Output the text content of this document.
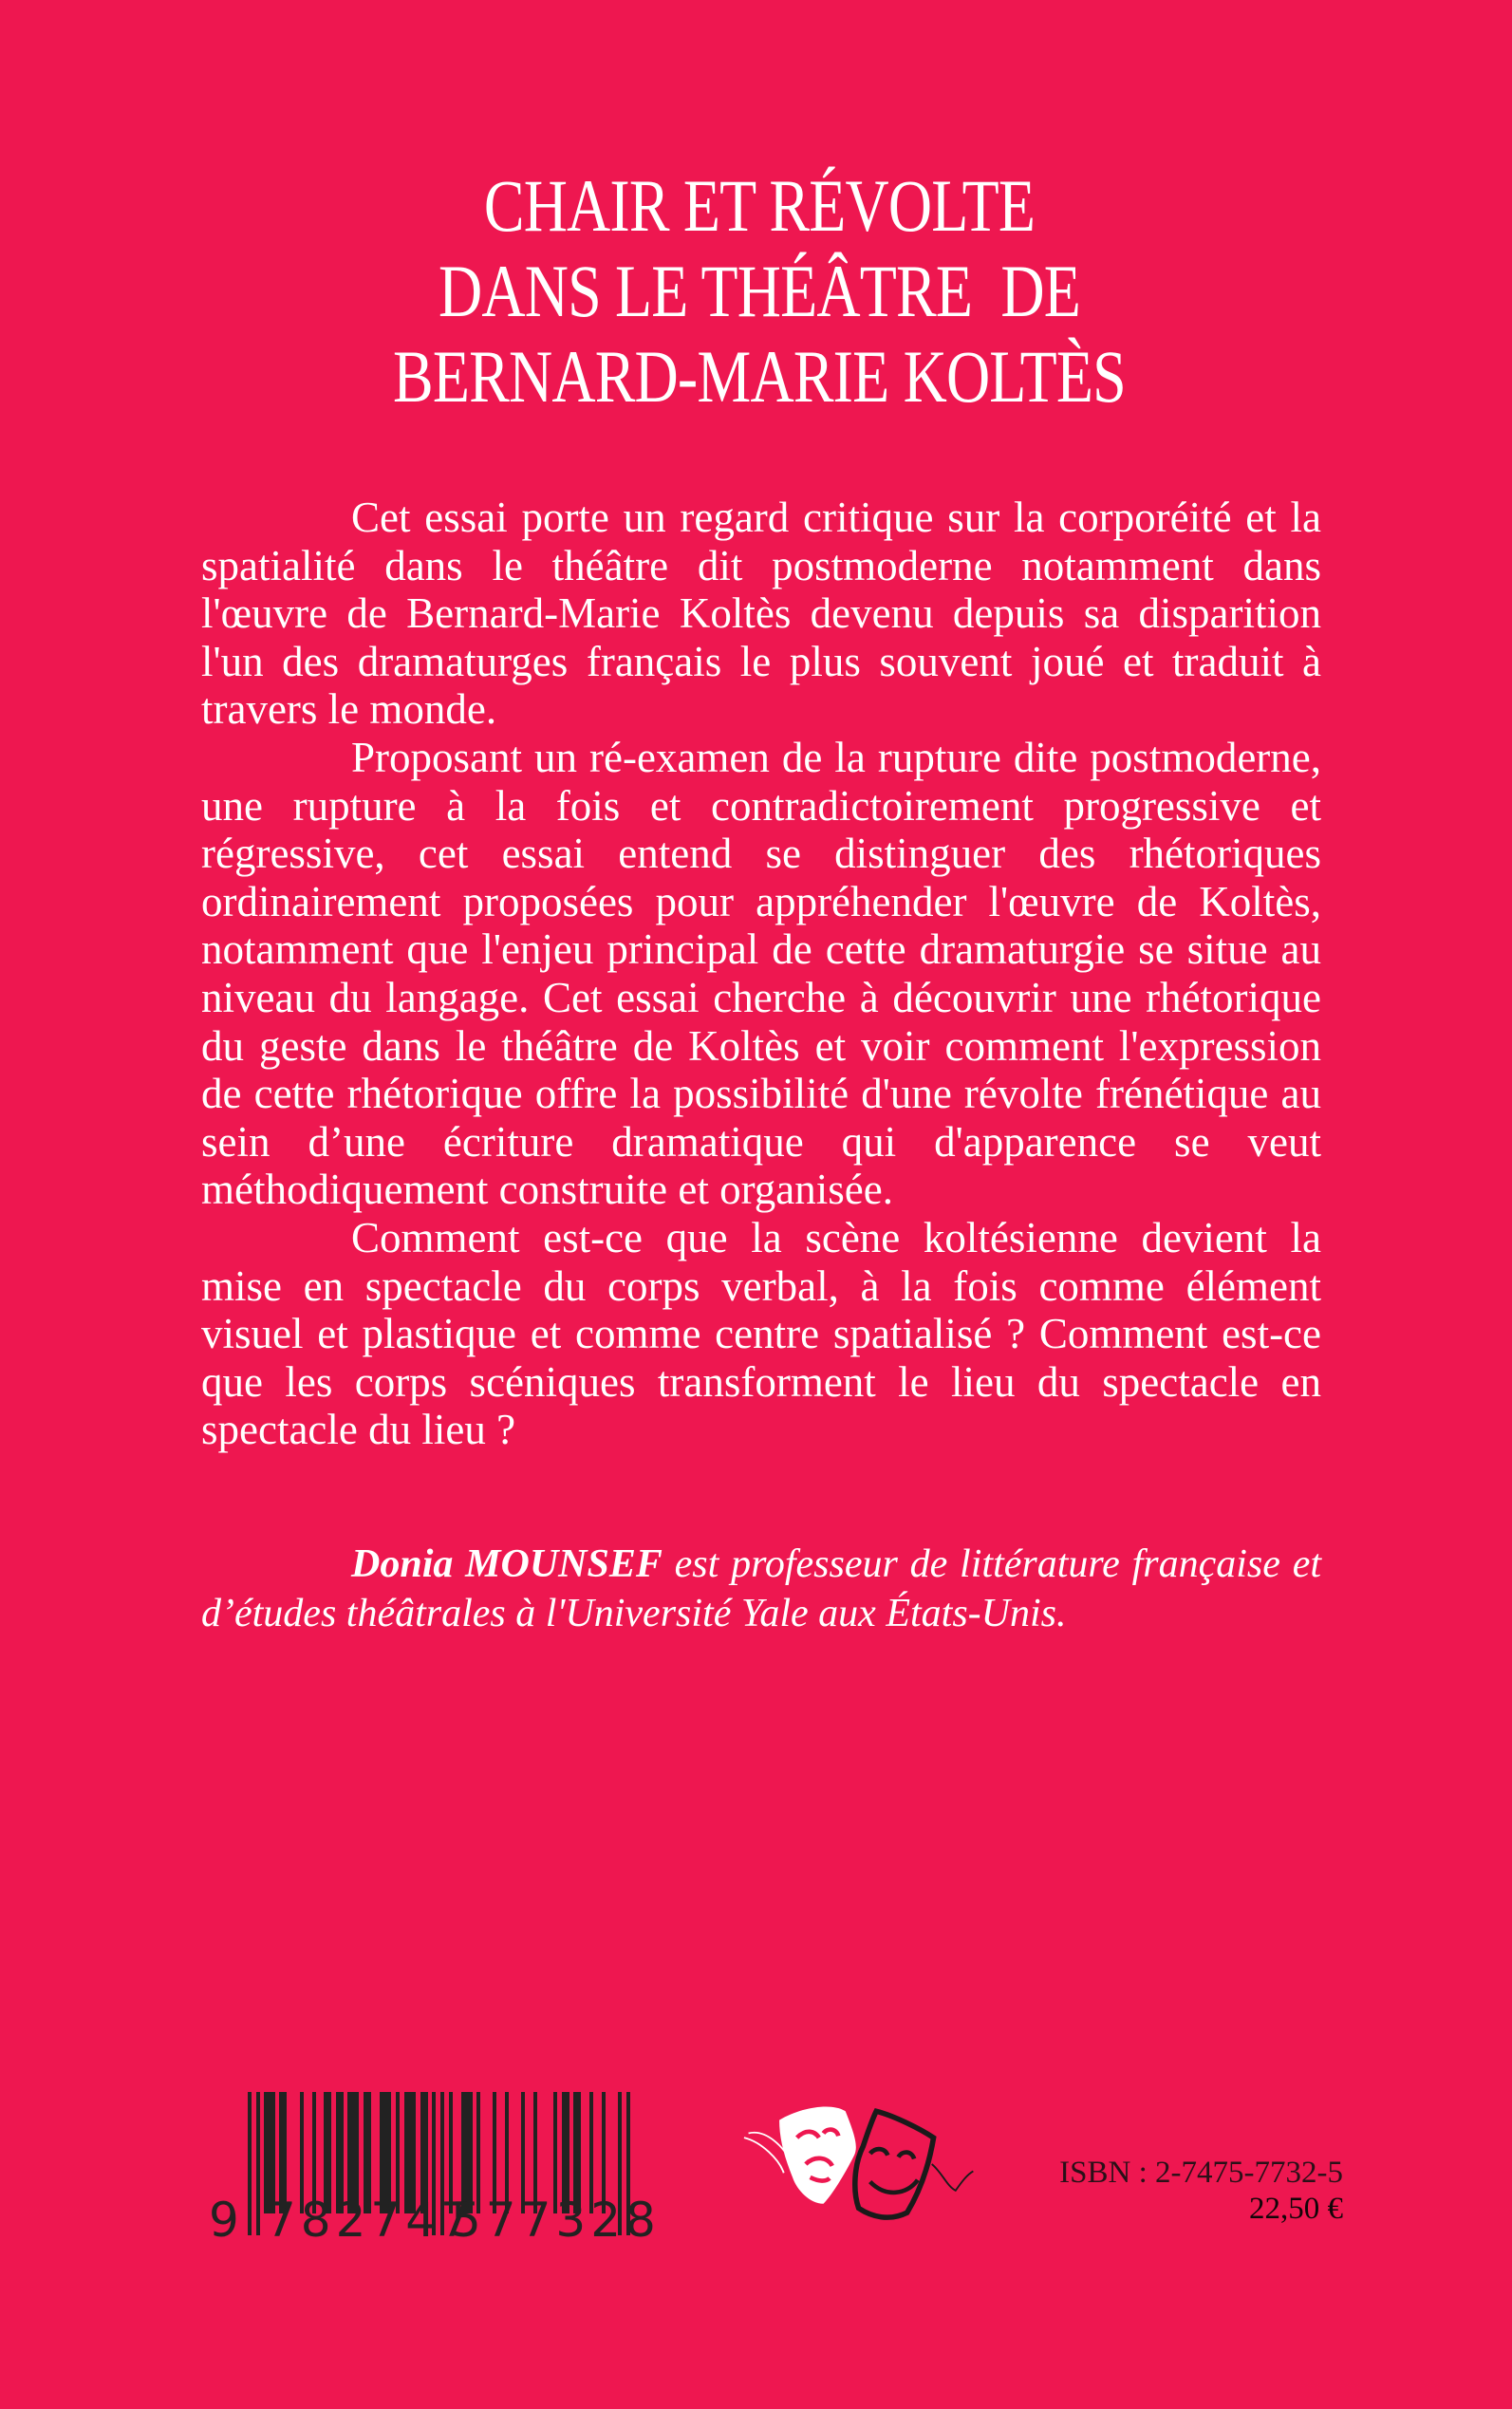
CHAIR ET RÉVOLTE
DANS LE THÉÂTRE  DE
BERNARD-MARIE KOLTÈS

Cet essai porte un regard critique sur la corporéité et la spatialité dans le théâtre dit postmoderne notamment dans l'œuvre de Bernard-Marie Koltès devenu depuis sa disparition l'un des dramaturges français le plus souvent joué et traduit à travers le monde.

Proposant un ré-examen de la rupture dite postmoderne, une rupture à la fois et contradictoirement progressive et régressive, cet essai entend se distinguer des rhétoriques ordinairement proposées pour appréhender l'œuvre de Koltès, notamment que l'enjeu principal de cette dramaturgie se situe au niveau du langage. Cet essai cherche à découvrir une rhétorique du geste dans le théâtre de Koltès et voir comment l'expression de cette rhétorique offre la possibilité d'une révolte frénétique au sein d’une écriture dramatique qui d'apparence se veut méthodiquement construite et organisée.

Comment est-ce que la scène koltésienne devient la mise en spectacle du corps verbal, à la fois comme élément visuel et plastique et comme centre spatialisé ? Comment est-ce que les corps scéniques transforment le lieu du spectacle en spectacle du lieu ?

Donia MOUNSEF est professeur de littérature française et d’études théâtrales à l'Université Yale aux États-Unis.
9 782747
577328
ISBN : 2-7475-7732-5
22,50 €
